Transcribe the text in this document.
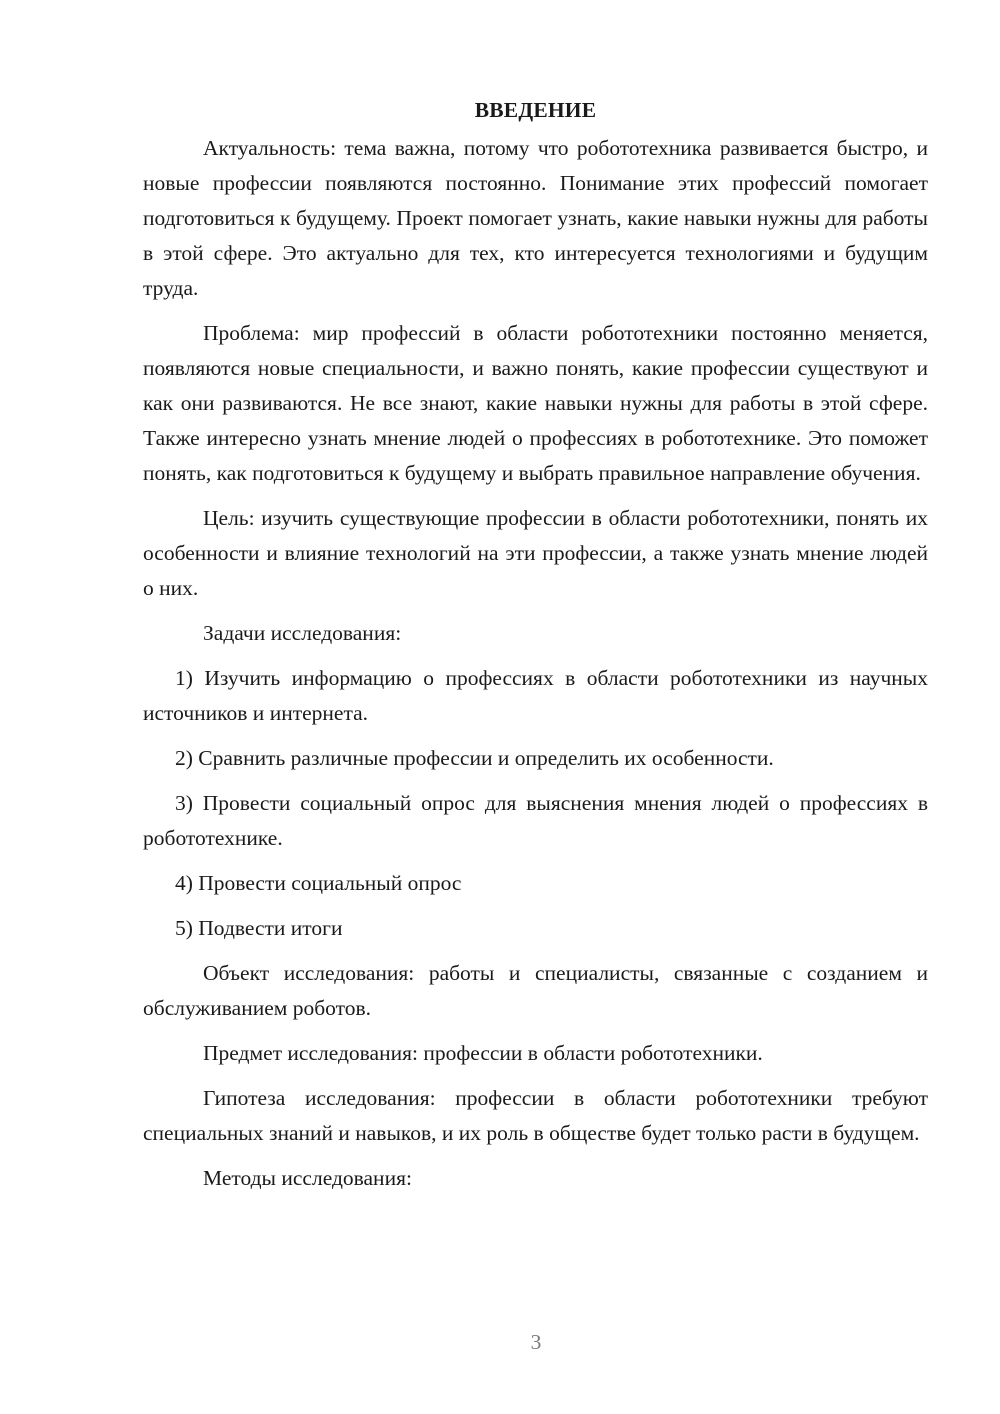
ВВЕДЕНИЕ

Актуальность: тема важна, потому что робототехника развивается быстро, и новые профессии появляются постоянно. Понимание этих профессий помогает подготовиться к будущему. Проект помогает узнать, какие навыки нужны для работы в этой сфере. Это актуально для тех, кто интересуется технологиями и будущим труда.

Проблема: мир профессий в области робототехники постоянно меняется, появляются новые специальности, и важно понять, какие профессии существуют и как они развиваются. Не все знают, какие навыки нужны для работы в этой сфере. Также интересно узнать мнение людей о профессиях в робототехнике. Это поможет понять, как подготовиться к будущему и выбрать правильное направление обучения.

Цель: изучить существующие профессии в области робототехники, понять их особенности и влияние технологий на эти профессии, а также узнать мнение людей о них.

Задачи исследования:

1) Изучить информацию о профессиях в области робототехники из научных источников и интернета.

2) Сравнить различные профессии и определить их особенности.

3) Провести социальный опрос для выяснения мнения людей о профессиях в робототехнике.

4) Провести социальный опрос

5) Подвести итоги

Объект исследования: работы и специалисты, связанные с созданием и обслуживанием роботов.

Предмет исследования: профессии в области робототехники.

Гипотеза исследования: профессии в области робототехники требуют специальных знаний и навыков, и их роль в обществе будет только расти в будущем.

Методы исследования:

3
